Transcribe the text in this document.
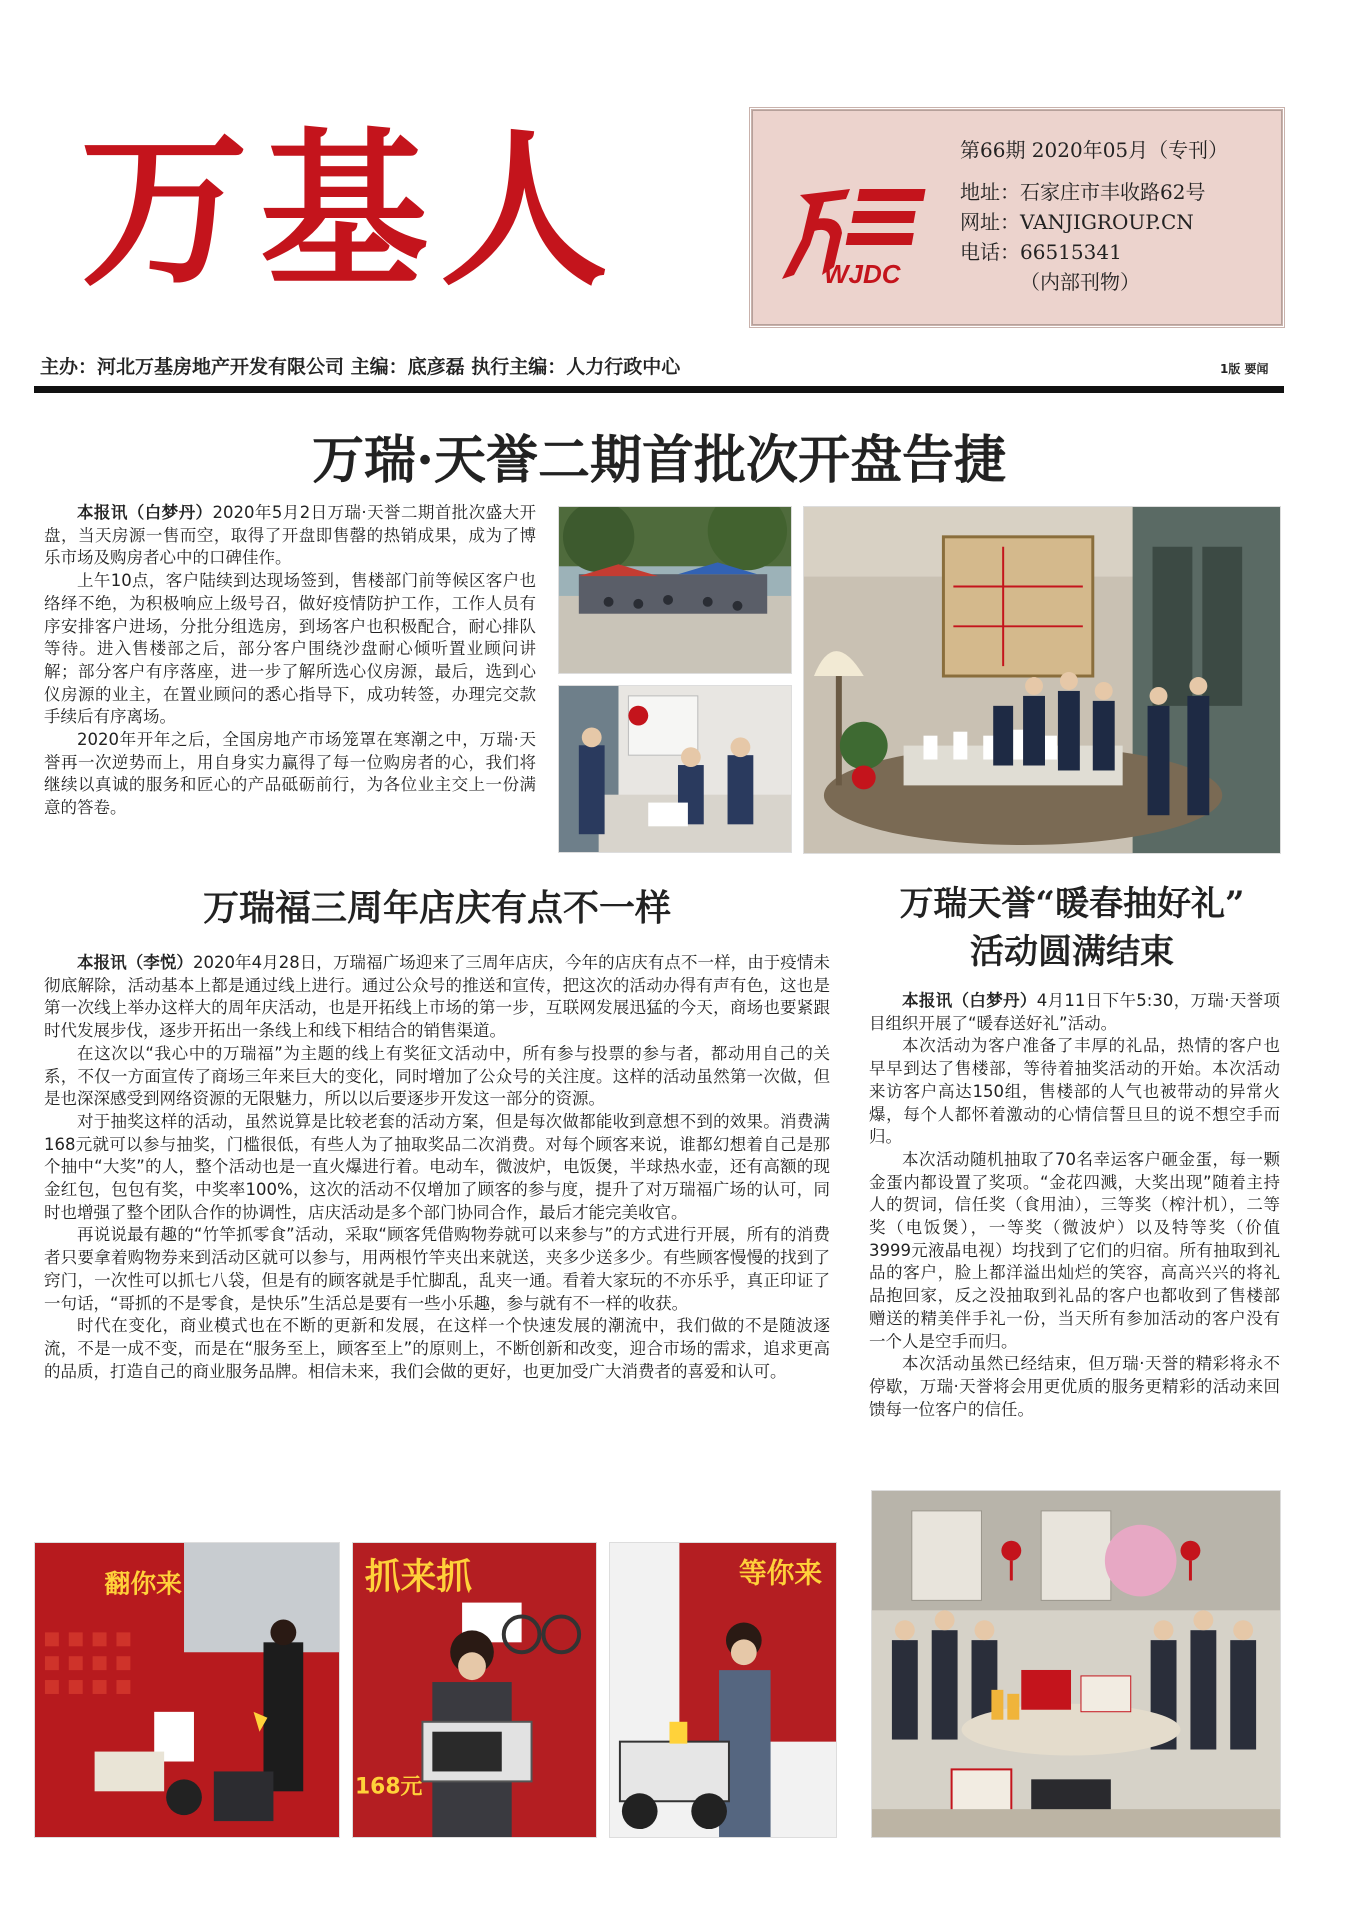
万基人	WJDC
第66期 2020年05月（专刊）
地址：石家庄市丰收路62号
网址：VANJIGROUP.CN
电话：66515341
（内部刊物）
主办：河北万基房地产开发有限公司 主编：底彦磊 执行主编：人力行政中心	1版 要闻
万瑞·天誉二期首批次开盘告捷

本报讯（白梦丹）2020年5月2日万瑞·天誉二期首批次盛大开盘，当天房源一售而空，取得了开盘即售罄的热销成果，成为了博乐市场及购房者心中的口碑佳作。

上午10点，客户陆续到达现场签到，售楼部门前等候区客户也络绎不绝，为积极响应上级号召，做好疫情防护工作，工作人员有序安排客户进场，分批分组选房，到场客户也积极配合，耐心排队等待。进入售楼部之后，部分客户围绕沙盘耐心倾听置业顾问讲解；部分客户有序落座，进一步了解所选心仪房源，最后，选到心仪房源的业主，在置业顾问的悉心指导下，成功转签，办理完交款手续后有序离场。

2020年开年之后，全国房地产市场笼罩在寒潮之中，万瑞·天誉再一次逆势而上，用自身实力赢得了每一位购房者的心，我们将继续以真诚的服务和匠心的产品砥砺前行，为各位业主交上一份满意的答卷。

万瑞福三周年店庆有点不一样

本报讯（李悦）2020年4月28日，万瑞福广场迎来了三周年店庆，今年的店庆有点不一样，由于疫情未彻底解除，活动基本上都是通过线上进行。通过公众号的推送和宣传，把这次的活动办得有声有色，这也是第一次线上举办这样大的周年庆活动，也是开拓线上市场的第一步，互联网发展迅猛的今天，商场也要紧跟时代发展步伐，逐步开拓出一条线上和线下相结合的销售渠道。

在这次以“我心中的万瑞福”为主题的线上有奖征文活动中，所有参与投票的参与者，都动用自己的关系，不仅一方面宣传了商场三年来巨大的变化，同时增加了公众号的关注度。这样的活动虽然第一次做，但是也深深感受到网络资源的无限魅力，所以以后要逐步开发这一部分的资源。

对于抽奖这样的活动，虽然说算是比较老套的活动方案，但是每次做都能收到意想不到的效果。消费满168元就可以参与抽奖，门槛很低，有些人为了抽取奖品二次消费。对每个顾客来说，谁都幻想着自己是那个抽中“大奖”的人，整个活动也是一直火爆进行着。电动车，微波炉，电饭煲，半球热水壶，还有高额的现金红包，包包有奖，中奖率100%，这次的活动不仅增加了顾客的参与度，提升了对万瑞福广场的认可，同时也增强了整个团队合作的协调性，店庆活动是多个部门协同合作，最后才能完美收官。

再说说最有趣的“竹竿抓零食”活动，采取“顾客凭借购物券就可以来参与”的方式进行开展，所有的消费者只要拿着购物券来到活动区就可以参与，用两根竹竿夹出来就送，夹多少送多少。有些顾客慢慢的找到了窍门，一次性可以抓七八袋，但是有的顾客就是手忙脚乱，乱夹一通。看着大家玩的不亦乐乎，真正印证了一句话，“哥抓的不是零食，是快乐”生活总是要有一些小乐趣，参与就有不一样的收获。

时代在变化，商业模式也在不断的更新和发展，在这样一个快速发展的潮流中，我们做的不是随波逐流，不是一成不变，而是在“服务至上，顾客至上”的原则上，不断创新和改变，迎合市场的需求，追求更高的品质，打造自己的商业服务品牌。相信未来，我们会做的更好，也更加受广大消费者的喜爱和认可。

翻你来	抓来抓
168元
等你来
万瑞天誉“暖春抽好礼”
活动圆满结束

本报讯（白梦丹）4月11日下午5:30，万瑞·天誉项目组织开展了“暖春送好礼”活动。

本次活动为客户准备了丰厚的礼品，热情的客户也早早到达了售楼部，等待着抽奖活动的开始。本次活动来访客户高达150组，售楼部的人气也被带动的异常火爆，每个人都怀着激动的心情信誓旦旦的说不想空手而归。

本次活动随机抽取了70名幸运客户砸金蛋，每一颗金蛋内都设置了奖项。“金花四溅，大奖出现”随着主持人的贺词，信任奖（食用油），三等奖（榨汁机），二等奖（电饭煲），一等奖（微波炉）以及特等奖（价值3999元液晶电视）均找到了它们的归宿。所有抽取到礼品的客户，脸上都洋溢出灿烂的笑容，高高兴兴的将礼品抱回家，反之没抽取到礼品的客户也都收到了售楼部赠送的精美伴手礼一份，当天所有参加活动的客户没有一个人是空手而归。

本次活动虽然已经结束，但万瑞·天誉的精彩将永不停歇，万瑞·天誉将会用更优质的服务更精彩的活动来回馈每一位客户的信任。
